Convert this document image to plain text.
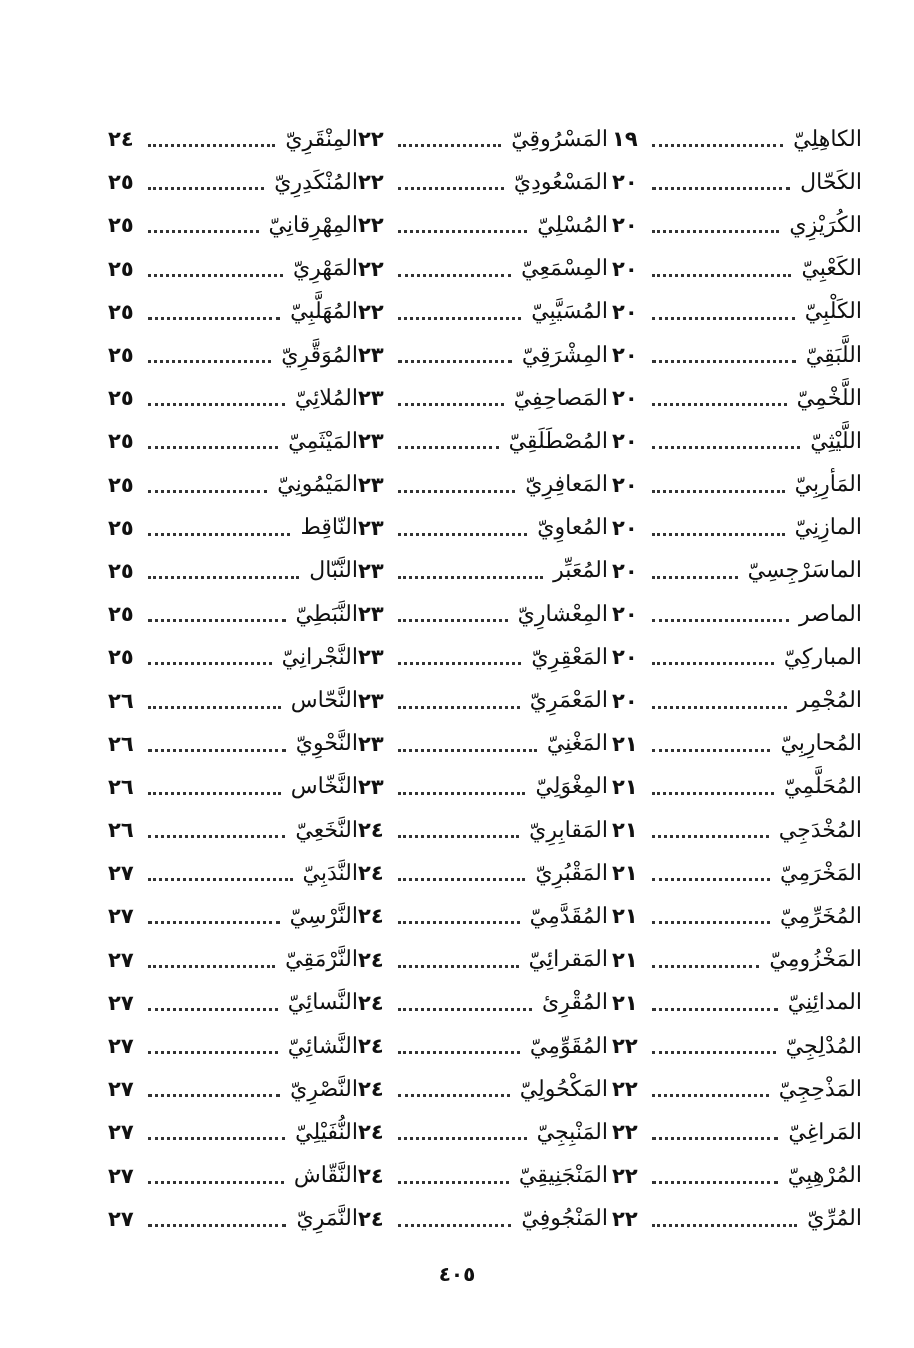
الكاهِلِيّ
١٩
الكَحّال
٢٠
الكُرَيْزِي
٢٠
الكَعْبِيّ
٢٠
الكَلْبِيّ
٢٠
اللَّبَقِيّ
٢٠
اللَّخْمِيّ
٢٠
اللَّيْثِيّ
٢٠
المَأرِبِيّ
٢٠
المازِنِيّ
٢٠
الماسَرْجِسِيّ
٢٠
الماصر
٢٠
المباركِيّ
٢٠
المُجْمِر
٢٠
المُحارِبِيّ
٢١
المُحَلَّمِيّ
٢١
المُخْدَجِي
٢١
المَخْرَمِيّ
٢١
المُخَرِّمِيّ
٢١
المَخْزُومِيّ
٢١
المدائِنِيّ
٢١
المُدْلِجِيّ
٢٢
المَذْحِجِيّ
٢٢
المَراغِيّ
٢٢
المُرْهِبِيّ
٢٢
المُرِّيّ
٢٢
المَسْرُوقِيّ
٢٢
المَسْعُودِيّ
٢٢
المُسْلِيّ
٢٢
المِسْمَعِيّ
٢٢
المُسَيَّبِيّ
٢٢
المِشْرَقِيّ
٢٣
المَصاحِفِيّ
٢٣
المُصْطَلَقِيّ
٢٣
المَعافِرِيّ
٢٣
المُعاوِيّ
٢٣
المُعَبِّر
٢٣
المِعْشارِيّ
٢٣
المَعْقِرِيّ
٢٣
المَعْمَرِيّ
٢٣
المَغْنِيّ
٢٣
المِغْوَلِيّ
٢٣
المَقابِرِيّ
٢٤
المَقْبُرِيّ
٢٤
المُقَدَّمِيّ
٢٤
المَقرائِيّ
٢٤
المُقْرِئ
٢٤
المُقَوِّمِيّ
٢٤
المَكْحُولِيّ
٢٤
المَنْبِجِيّ
٢٤
المَنْجَنِيقِيّ
٢٤
المَنْجُوفِيّ
٢٤
المِنْقَرِيّ
٢٤
المُنْكَدِرِيّ
٢٥
المِهْرِقانِيّ
٢٥
المَهْرِيّ
٢٥
المُهَلَّبِيّ
٢٥
المُوَقَّرِيّ
٢٥
المُلائِيّ
٢٥
المَيْثَمِيّ
٢٥
المَيْمُونِيّ
٢٥
النّاقِط
٢٥
النَّبّال
٢٥
النَّبَطِيّ
٢٥
النَّجْرانِيّ
٢٥
النَّحّاس
٢٦
النَّحْوِيّ
٢٦
النَّخّاس
٢٦
النَّخَعِيّ
٢٦
النَّدَبِيّ
٢٧
النَّرْسِيّ
٢٧
النَّرْمَقِيّ
٢٧
النَّسائِيّ
٢٧
النَّشائِيّ
٢٧
النَّصْرِيّ
٢٧
النُّفَيْلِيّ
٢٧
النَّقّاش
٢٧
النَّمَرِيّ
٢٧
٤٠٥
